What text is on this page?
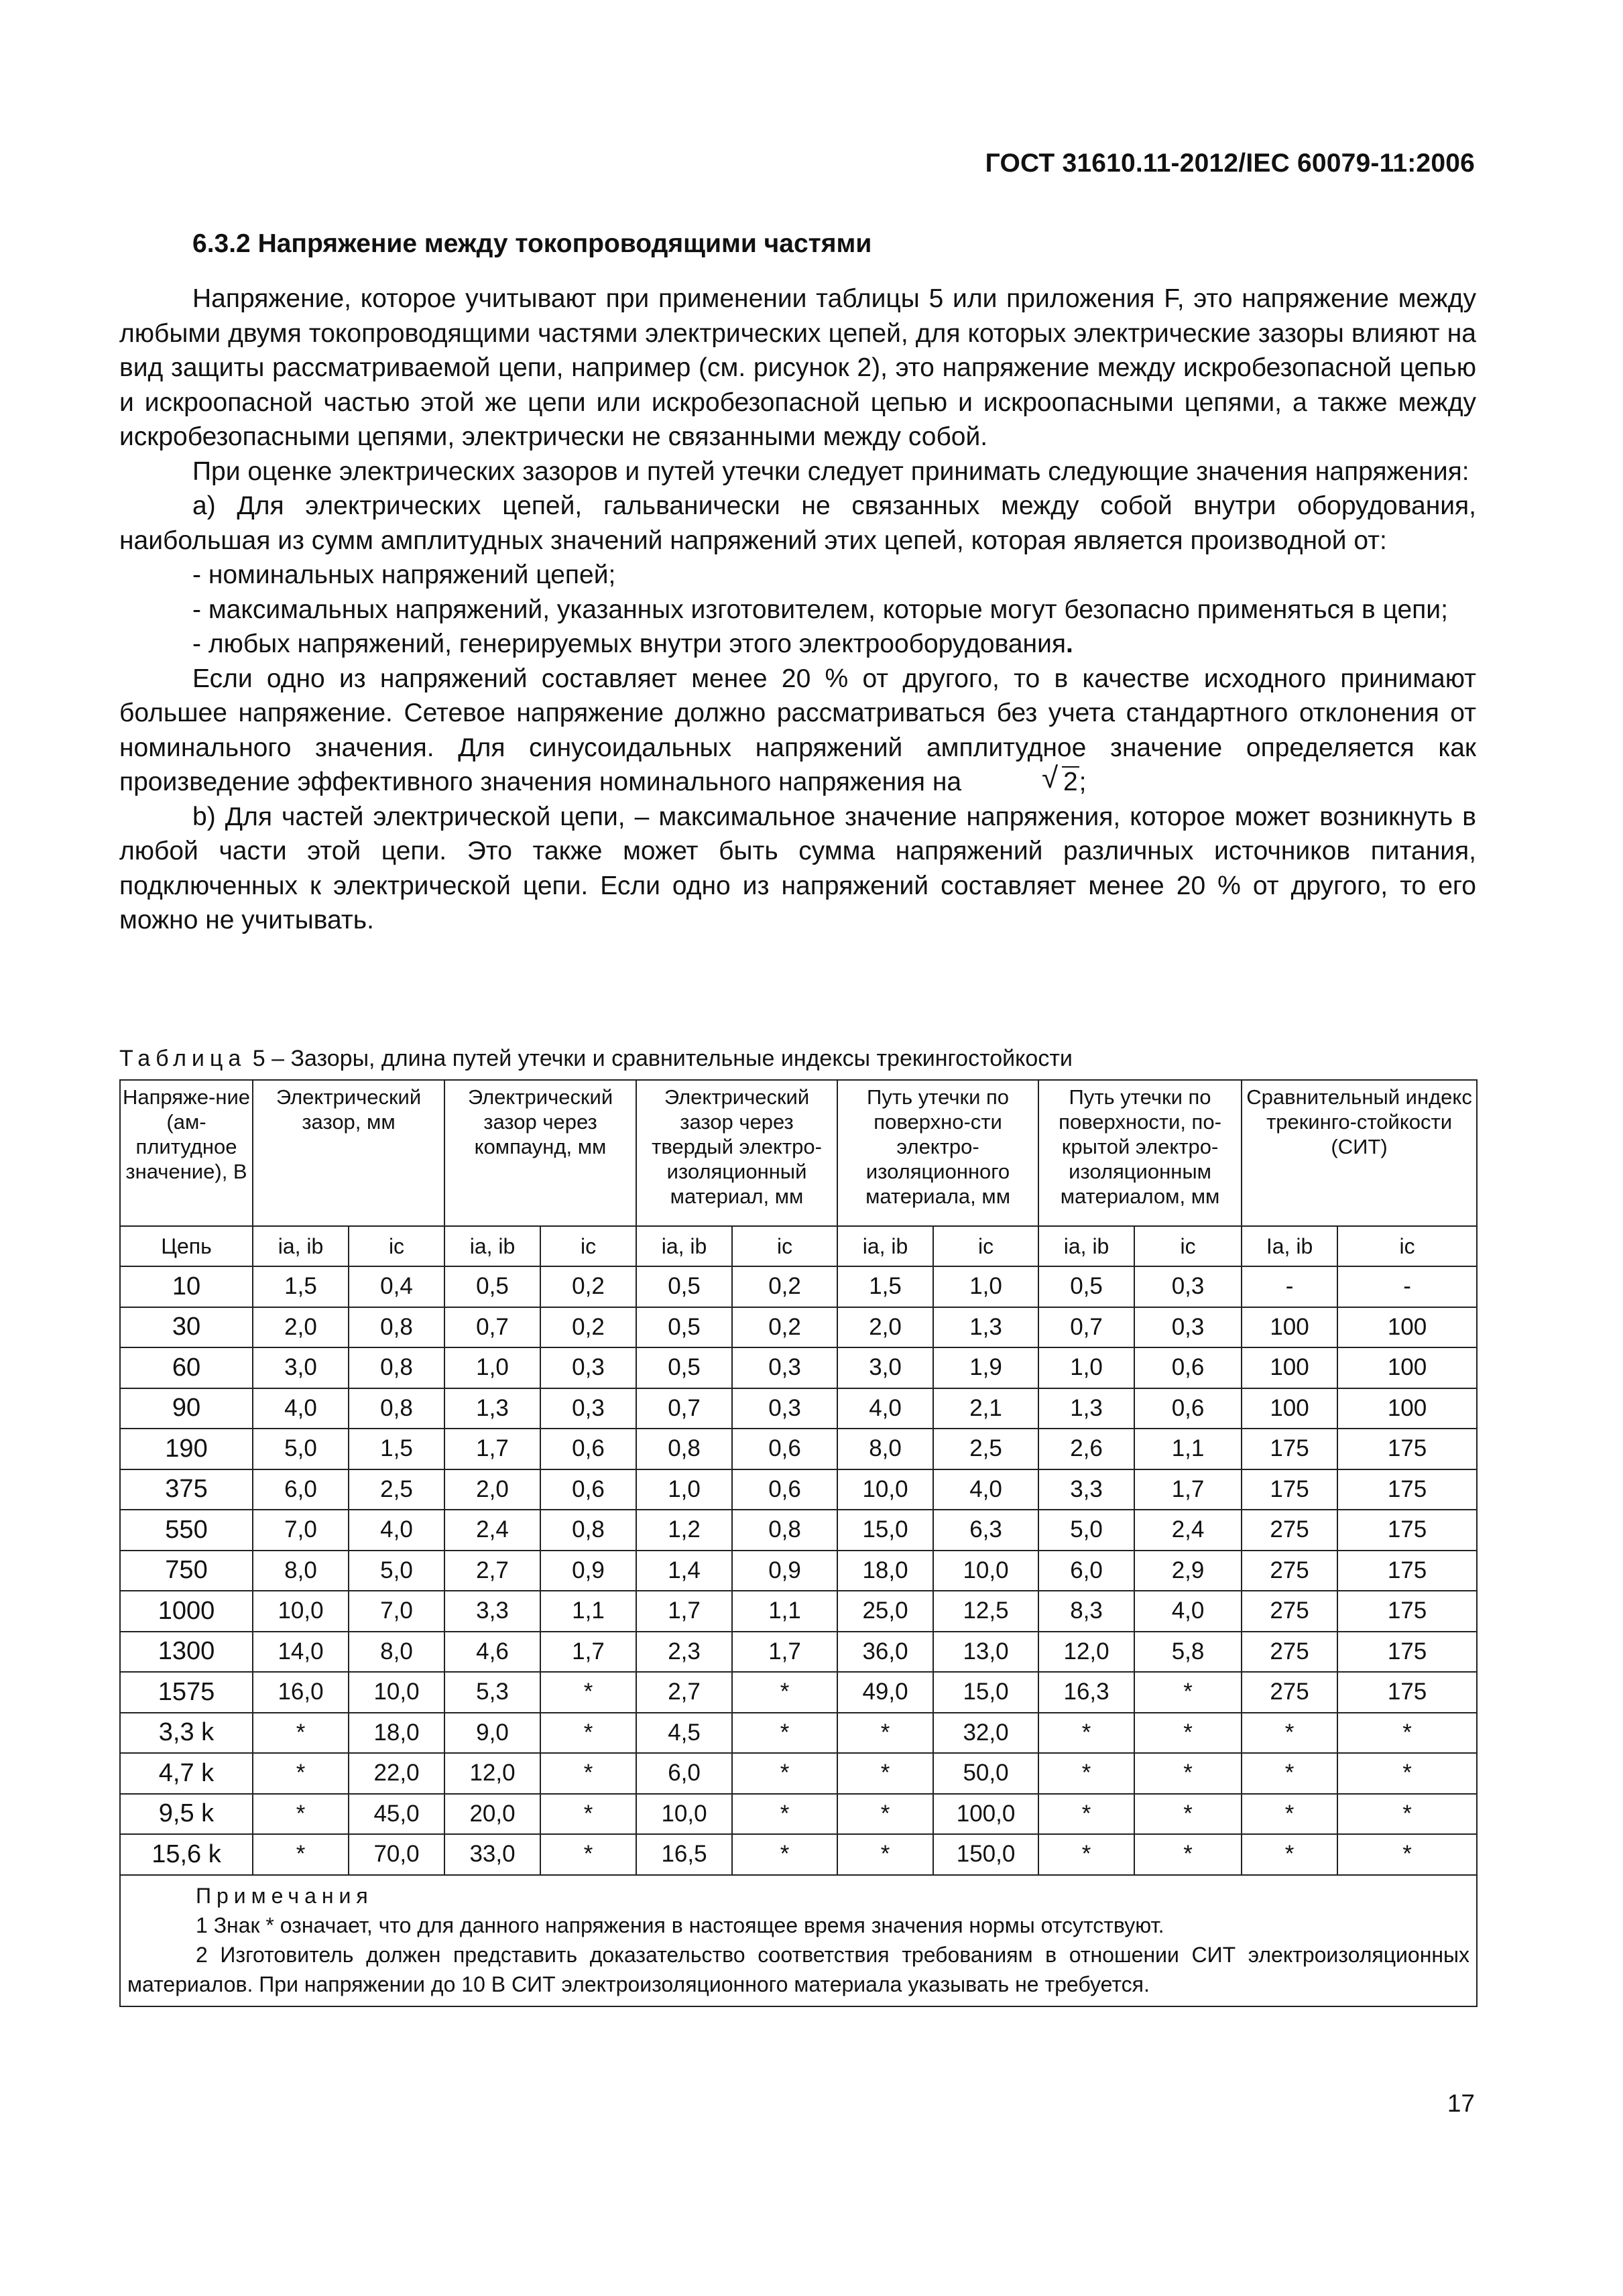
ГОСТ 31610.11-2012/IEC 60079-11:2006
6.3.2 Напряжение между токопроводящими частями

Напряжение, которое учитывают при применении таблицы 5 или приложения F, это напряжение между любыми двумя токопроводящими частями электрических цепей, для которых электрические зазоры влияют на вид защиты рассматриваемой цепи, например (см. рисунок 2), это напряжение между искробезопасной цепью и искроопасной частью этой же цепи или искробезопасной цепью и искроопасными цепями, а также между искробезопасными цепями, электрически не связанными между собой.

При оценке электрических зазоров и путей утечки следует принимать следующие значения напряжения:

a) Для электрических цепей, гальванически не связанных между собой внутри оборудования, наибольшая из сумм амплитудных значений напряжений этих цепей, которая является производной от:

- номинальных напряжений цепей;

- максимальных напряжений, указанных изготовителем, которые могут безопасно применяться в цепи;

- любых напряжений, генерируемых внутри этого электрооборудования.

Если одно из напряжений составляет менее 20 % от другого, то в качестве исходного принимают большее напряжение. Сетевое напряжение должно рассматриваться без учета стандартного отклонения от номинального значения. Для синусоидальных напряжений амплитудное значение определяется как произведение эффективного значения номинального напряжения на	√ 2;

b) Для частей электрической цепи, – максимальное значение напряжения, которое может возникнуть в любой части этой цепи. Это также может быть сумма напряжений различных источников питания, подключенных к электрической цепи. Если одно из напряжений составляет менее 20 % от другого, то его можно не учитывать.

Таблица 5 – Зазоры, длина путей утечки и сравнительные индексы трекингостойкости
Напряже-ние (ам-плитудное значение), В	Электрический зазор, мм		Электрический зазор через компаунд, мм		Электрический зазор через твердый электро-изоляционный материал, мм		Путь утечки по поверхно-сти электро-изоляционного материала, мм		Путь утечки по поверхности, по-крытой электро-изоляционным материалом, мм		Сравнительный индекс трекинго-стойкости (СИТ)	
Цепь	ia, ib	ic	ia, ib	ic	ia, ib	ic	ia, ib	ic	ia, ib	ic	Ia, ib	ic
10	1,5	0,4	0,5	0,2	0,5	0,2	1,5	1,0	0,5	0,3	-	-
30	2,0	0,8	0,7	0,2	0,5	0,2	2,0	1,3	0,7	0,3	100	100
60	3,0	0,8	1,0	0,3	0,5	0,3	3,0	1,9	1,0	0,6	100	100
90	4,0	0,8	1,3	0,3	0,7	0,3	4,0	2,1	1,3	0,6	100	100
190	5,0	1,5	1,7	0,6	0,8	0,6	8,0	2,5	2,6	1,1	175	175
375	6,0	2,5	2,0	0,6	1,0	0,6	10,0	4,0	3,3	1,7	175	175
550	7,0	4,0	2,4	0,8	1,2	0,8	15,0	6,3	5,0	2,4	275	175
750	8,0	5,0	2,7	0,9	1,4	0,9	18,0	10,0	6,0	2,9	275	175
1000	10,0	7,0	3,3	1,1	1,7	1,1	25,0	12,5	8,3	4,0	275	175
1300	14,0	8,0	4,6	1,7	2,3	1,7	36,0	13,0	12,0	5,8	275	175
1575	16,0	10,0	5,3	*	2,7	*	49,0	15,0	16,3	*	275	175
3,3 k	*	18,0	9,0	*	4,5	*	*	32,0	*	*	*	*
4,7 k	*	22,0	12,0	*	6,0	*	*	50,0	*	*	*	*
9,5 k	*	45,0	20,0	*	10,0	*	*	100,0	*	*	*	*
15,6 k	*	70,0	33,0	*	16,5	*	*	150,0	*	*	*	*

Примечания

1 Знак * означает, что для данного напряжения в настоящее время значения нормы отсутствуют.

2 Изготовитель должен представить доказательство соответствия требованиям в отношении СИТ электроизоляционных материалов. При напряжении до 10 В СИТ электроизоляционного материала указывать не требуется.												

17
